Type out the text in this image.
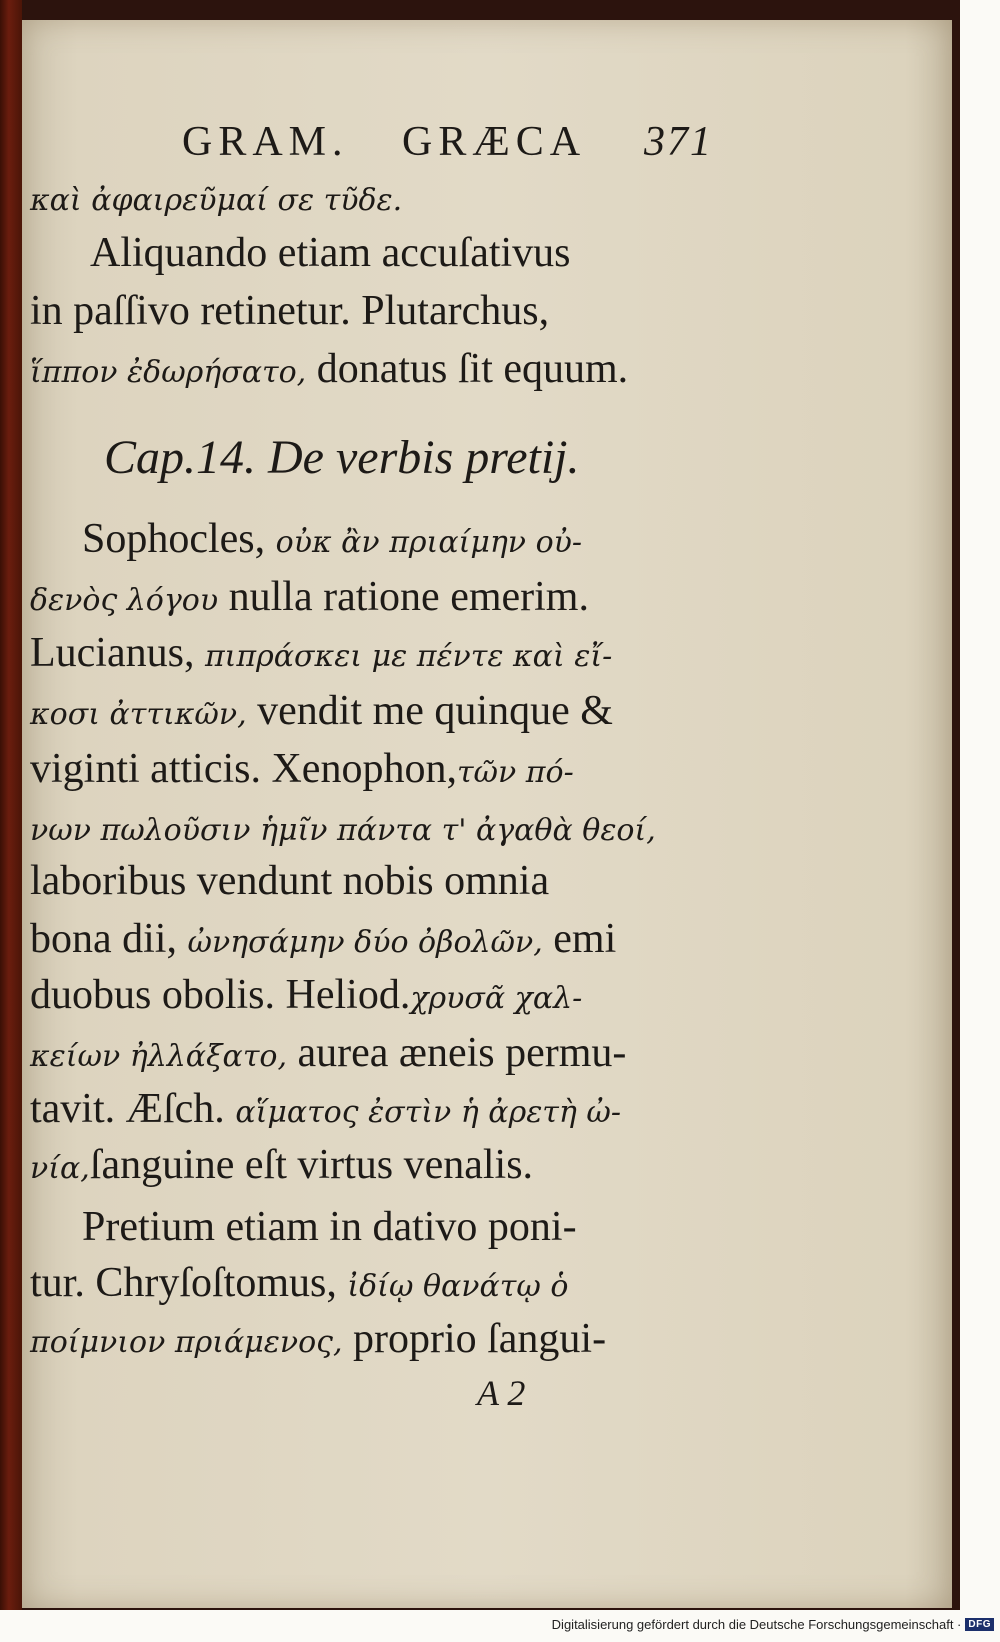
GRAM. GRÆCA 371
καὶ ἀφαιρεῦμαί σε τῦδε.
Aliquando etiam accuſativus
in paſſivo retinetur. Plutarchus,
ἵππον ἐδωρήσατο, donatus ſit equum.
Cap.14. De verbis pretij.
Sophocles, οὐκ ἂν πριαίμην οὐ-
δενὸς λόγου nulla ratione emerim.
Lucianus, πιπράσκει με πέντε καὶ εἴ-
κοσι ἀττικῶν, vendit me quinque &
viginti atticis. Xenophon,τῶν πό-
νων πωλοῦσιν ἡμῖν πάντα τ' ἀγαθὰ θεοί,
laboribus vendunt nobis omnia
bona dii, ὠνησάμην δύο ὀβολῶν, emi
duobus obolis. Heliod.χρυσᾶ χαλ-
κείων ἠλλάξατο, aurea æneis permu-
tavit. Æſch. αἵματος ἐστὶν ἡ ἀρετὴ ὠ-
νία,ſanguine eſt virtus venalis.
Pretium etiam in dativo poni-
tur. Chryſoſtomus, ἰδίῳ θανάτῳ ὁ
ποίμνιον πριάμενος, proprio ſangui-
A 2
Digitalisierung gefördert durch die Deutsche Forschungsgemeinschaft · DFG
